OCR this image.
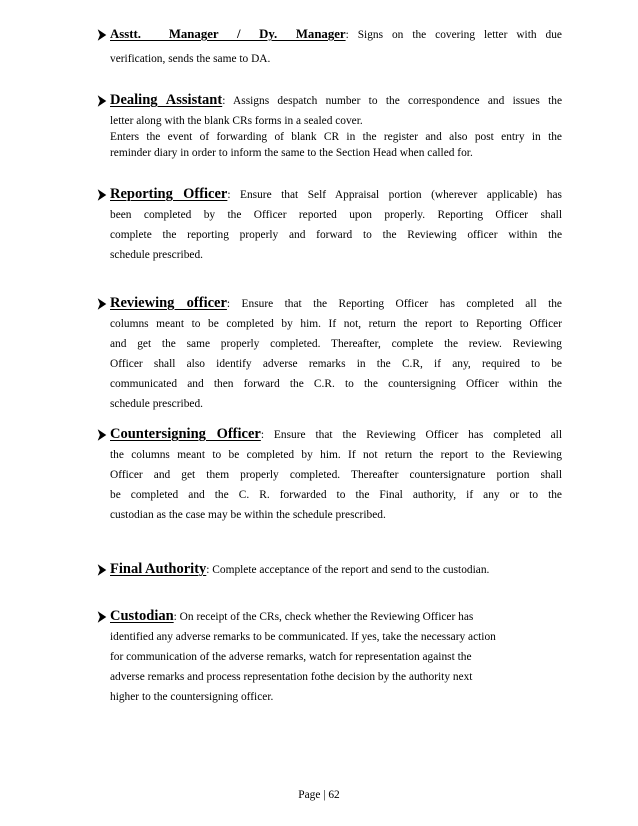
Asstt.   Manager  /  Dy.  Manager: Signs on the covering letter with due
verification, sends the same to DA.
Dealing Assistant: Assigns despatch number to the correspondence and issues the
letter along with the blank CRs forms in a sealed cover.
Enters the event of forwarding of blank CR in the register and also post entry in the
reminder diary in order to inform the same to the Section Head when called for.
Reporting Officer: Ensure that Self Appraisal portion (wherever applicable) has
been completed by the Officer reported upon properly. Reporting Officer shall
complete the reporting properly and forward to the Reviewing officer within the
schedule prescribed.
Reviewing officer: Ensure that the Reporting Officer has completed all the
columns meant to be completed by him. If not, return the report to Reporting Officer
and get the same properly completed. Thereafter, complete the review. Reviewing
Officer shall also identify adverse remarks in the C.R, if any, required to be
communicated and then forward the C.R. to the countersigning Officer within the
schedule prescribed.
Countersigning Officer: Ensure that the Reviewing Officer has completed all
the columns meant to be completed by him. If not return the report to the Reviewing
Officer and get them properly completed. Thereafter countersignature portion shall
be completed and the C. R. forwarded to the Final authority, if any or to the
custodian as the case may be within the schedule prescribed.
Final Authority: Complete acceptance of the report and send to the custodian.
Custodian: On receipt of the CRs, check whether the Reviewing Officer has
identified any adverse remarks to be communicated. If yes, take the necessary action
for communication of the adverse remarks, watch for representation against the
adverse remarks and process representation fothe decision by the authority next
higher to the countersigning officer.
Page | 62
